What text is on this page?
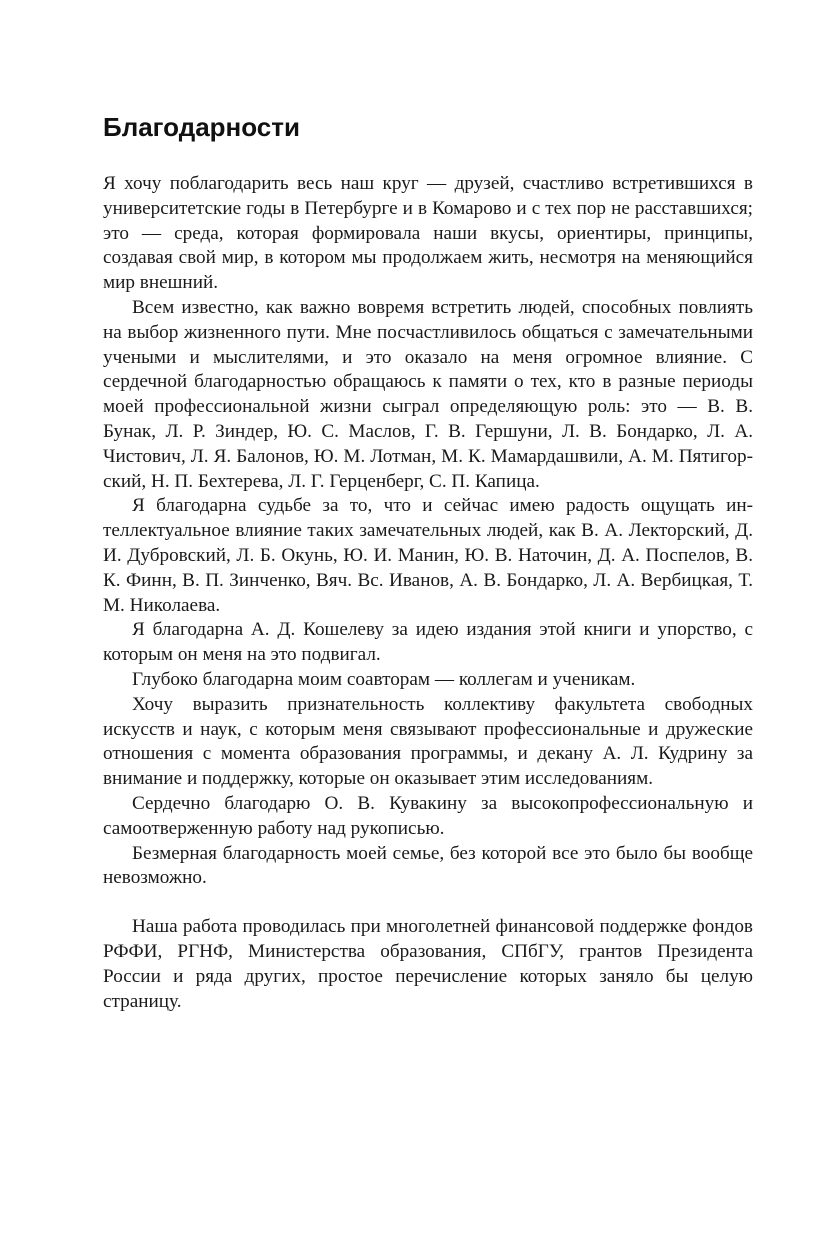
Благодарности

Я хочу поблагодарить весь наш круг — друзей, счастливо встретившихся в университетские годы в Петербурге и в Комарово и с тех пор не расставшихся; это — среда, которая формировала наши вкусы, ориентиры, принципы, создавая свой мир, в котором мы продолжаем жить, несмотря на меняющийся мир внешний.

Всем известно, как важно вовремя встретить людей, способных повлиять на выбор жизненного пути. Мне посчастливилось общаться с замечательными учеными и мыслителями, и это оказало на меня огромное влияние. С сердечной благодарностью обращаюсь к памяти о тех, кто в разные периоды моей профессиональной жизни сыграл определяющую роль: это — В. В. Бунак, Л. Р. Зиндер, Ю. С. Маслов, Г. В. Гершуни, Л. В. Бондарко, Л. А. Чистович, Л. Я. Балонов, Ю. М. Лотман, М. К. Мамардашвили, А. М. Пятигорский, Н. П. Бехтерева, Л. Г. Герценберг, С. П. Капица.

Я благодарна судьбе за то, что и сейчас имею радость ощущать интеллектуальное влияние таких замечательных людей, как В. А. Лекторский, Д. И. Дубровский, Л. Б. Окунь, Ю. И. Манин, Ю. В. Наточин, Д. А. Поспелов, В. К. Финн, В. П. Зинченко, Вяч. Вс. Иванов, А. В. Бондарко, Л. А. Вербицкая, Т. М. Николаева.

Я благодарна А. Д. Кошелеву за идею издания этой книги и упорство, с которым он меня на это подвигал.

Глубоко благодарна моим соавторам — коллегам и ученикам.

Хочу выразить признательность коллективу факультета свободных искусств и наук, с которым меня связывают профессиональные и дружеские отношения с момента образования программы, и декану А. Л. Кудрину за внимание и поддержку, которые он оказывает этим исследованиям.

Сердечно благодарю О. В. Кувакину за высокопрофессиональную и самоотверженную работу над рукописью.

Безмерная благодарность моей семье, без которой все это было бы вообще невозможно.

Наша работа проводилась при многолетней финансовой поддержке фондов РФФИ, РГНФ, Министерства образования, СПбГУ, грантов Президента России и ряда других, простое перечисление которых заняло бы целую страницу.
